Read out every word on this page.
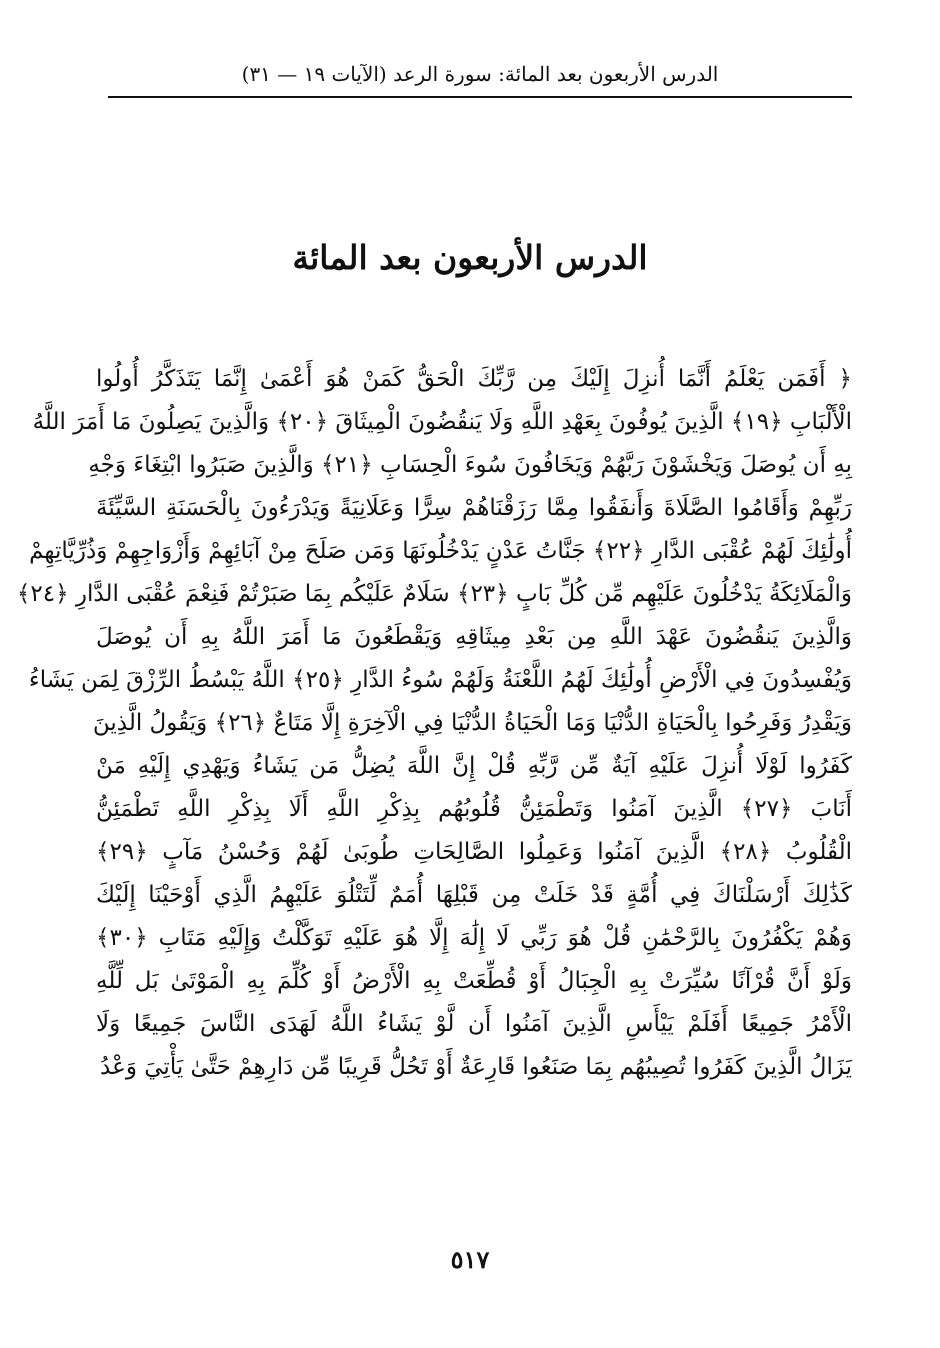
الدرس الأربعون بعد المائة: سورة الرعد (الآيات ١٩ — ٣١)
الدرس الأربعون بعد المائة
﴿ أَفَمَن يَعْلَمُ أَنَّمَا أُنزِلَ إِلَيْكَ مِن رَّبِّكَ الْحَقُّ كَمَنْ هُوَ أَعْمَىٰ إِنَّمَا يَتَذَكَّرُ أُولُوا
الْأَلْبَابِ ﴿١٩﴾ الَّذِينَ يُوفُونَ بِعَهْدِ اللَّهِ وَلَا يَنقُضُونَ الْمِيثَاقَ ﴿٢٠﴾ وَالَّذِينَ يَصِلُونَ مَا أَمَرَ اللَّهُ
بِهِ أَن يُوصَلَ وَيَخْشَوْنَ رَبَّهُمْ وَيَخَافُونَ سُوءَ الْحِسَابِ ﴿٢١﴾ وَالَّذِينَ صَبَرُوا ابْتِغَاءَ وَجْهِ
رَبِّهِمْ وَأَقَامُوا الصَّلَاةَ وَأَنفَقُوا مِمَّا رَزَقْنَاهُمْ سِرًّا وَعَلَانِيَةً وَيَدْرَءُونَ بِالْحَسَنَةِ السَّيِّئَةَ
أُولَٰئِكَ لَهُمْ عُقْبَى الدَّارِ ﴿٢٢﴾ جَنَّاتُ عَدْنٍ يَدْخُلُونَهَا وَمَن صَلَحَ مِنْ آبَائِهِمْ وَأَزْوَاجِهِمْ وَذُرِّيَّاتِهِمْ
وَالْمَلَائِكَةُ يَدْخُلُونَ عَلَيْهِم مِّن كُلِّ بَابٍ ﴿٢٣﴾ سَلَامٌ عَلَيْكُم بِمَا صَبَرْتُمْ فَنِعْمَ عُقْبَى الدَّارِ ﴿٢٤﴾
وَالَّذِينَ يَنقُضُونَ عَهْدَ اللَّهِ مِن بَعْدِ مِيثَاقِهِ وَيَقْطَعُونَ مَا أَمَرَ اللَّهُ بِهِ أَن يُوصَلَ
وَيُفْسِدُونَ فِي الْأَرْضِ أُولَٰئِكَ لَهُمُ اللَّعْنَةُ وَلَهُمْ سُوءُ الدَّارِ ﴿٢٥﴾ اللَّهُ يَبْسُطُ الرِّزْقَ لِمَن يَشَاءُ
وَيَقْدِرُ وَفَرِحُوا بِالْحَيَاةِ الدُّنْيَا وَمَا الْحَيَاةُ الدُّنْيَا فِي الْآخِرَةِ إِلَّا مَتَاعٌ ﴿٢٦﴾ وَيَقُولُ الَّذِينَ
كَفَرُوا لَوْلَا أُنزِلَ عَلَيْهِ آيَةٌ مِّن رَّبِّهِ قُلْ إِنَّ اللَّهَ يُضِلُّ مَن يَشَاءُ وَيَهْدِي إِلَيْهِ مَنْ
أَنَابَ ﴿٢٧﴾ الَّذِينَ آمَنُوا وَتَطْمَئِنُّ قُلُوبُهُم بِذِكْرِ اللَّهِ أَلَا بِذِكْرِ اللَّهِ تَطْمَئِنُّ
الْقُلُوبُ ﴿٢٨﴾ الَّذِينَ آمَنُوا وَعَمِلُوا الصَّالِحَاتِ طُوبَىٰ لَهُمْ وَحُسْنُ مَآبٍ ﴿٢٩﴾
كَذَٰلِكَ أَرْسَلْنَاكَ فِي أُمَّةٍ قَدْ خَلَتْ مِن قَبْلِهَا أُمَمٌ لِّتَتْلُوَ عَلَيْهِمُ الَّذِي أَوْحَيْنَا إِلَيْكَ
وَهُمْ يَكْفُرُونَ بِالرَّحْمَٰنِ قُلْ هُوَ رَبِّي لَا إِلَٰهَ إِلَّا هُوَ عَلَيْهِ تَوَكَّلْتُ وَإِلَيْهِ مَتَابِ ﴿٣٠﴾
وَلَوْ أَنَّ قُرْآنًا سُيِّرَتْ بِهِ الْجِبَالُ أَوْ قُطِّعَتْ بِهِ الْأَرْضُ أَوْ كُلِّمَ بِهِ الْمَوْتَىٰ بَل لِّلَّهِ
الْأَمْرُ جَمِيعًا أَفَلَمْ يَيْأَسِ الَّذِينَ آمَنُوا أَن لَّوْ يَشَاءُ اللَّهُ لَهَدَى النَّاسَ جَمِيعًا وَلَا
يَزَالُ الَّذِينَ كَفَرُوا تُصِيبُهُم بِمَا صَنَعُوا قَارِعَةٌ أَوْ تَحُلُّ قَرِيبًا مِّن دَارِهِمْ حَتَّىٰ يَأْتِيَ وَعْدُ
٥١٧
